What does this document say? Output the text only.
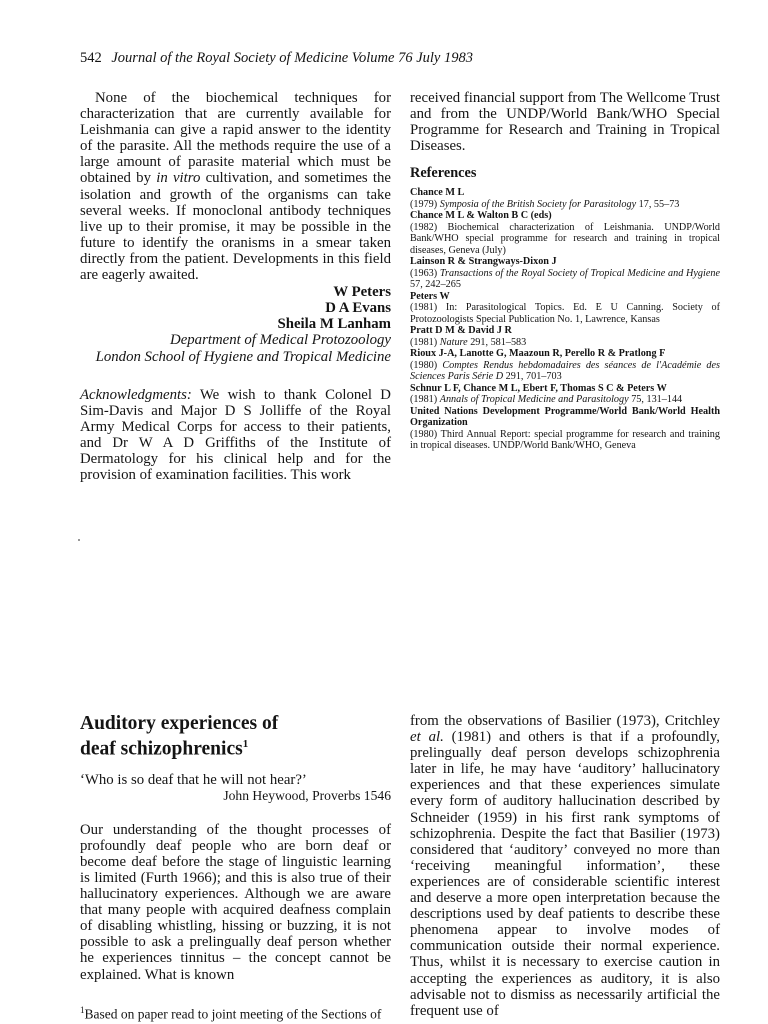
542 Journal of the Royal Society of Medicine Volume 76 July 1983

None of the biochemical techniques for characterization that are currently available for Leishmania can give a rapid answer to the identity of the parasite. All the methods require the use of a large amount of parasite material which must be obtained by in vitro cultivation, and sometimes the isolation and growth of the organisms can take several weeks. If monoclonal antibody techniques live up to their promise, it may be possible in the future to identify the oranisms in a smear taken directly from the patient. Developments in this field are eagerly awaited.

W Peters
D A Evans
Sheila M Lanham
Department of Medical Protozoology
London School of Hygiene and Tropical Medicine

Acknowledgments: We wish to thank Colonel D Sim-Davis and Major D S Jolliffe of the Royal Army Medical Corps for access to their patients, and Dr W A D Griffiths of the Institute of Dermatology for his clinical help and for the provision of examination facilities. This work

received financial support from The Wellcome Trust and from the UNDP/World Bank/WHO Special Programme for Research and Training in Tropical Diseases.

References
Chance M L
(1979) Symposia of the British Society for Parasitology 17, 55–73
Chance M L & Walton B C (eds)
(1982) Biochemical characterization of Leishmania. UNDP/World Bank/WHO special programme for research and training in tropical diseases, Geneva (July)
Lainson R & Strangways-Dixon J
(1963) Transactions of the Royal Society of Tropical Medicine and Hygiene 57, 242–265
Peters W
(1981) In: Parasitological Topics. Ed. E U Canning. Society of Protozoologists Special Publication No. 1, Lawrence, Kansas
Pratt D M & David J R
(1981) Nature 291, 581–583
Rioux J-A, Lanotte G, Maazoun R, Perello R & Pratlong F
(1980) Comptes Rendus hebdomadaires des séances de l'Académie des Sciences Paris Série D 291, 701–703
Schnur L F, Chance M L, Ebert F, Thomas S C & Peters W
(1981) Annals of Tropical Medicine and Parasitology 75, 131–144
United Nations Development Programme/World Bank/World Health Organization
(1980) Third Annual Report: special programme for research and training in tropical diseases. UNDP/World Bank/WHO, Geneva
Auditory experiences of
deaf schizophrenics$^1$
‘Who is so deaf that he will not hear?’
John Heywood, Proverbs 1546

Our understanding of the thought processes of profoundly deaf people who are born deaf or become deaf before the stage of linguistic learning is limited (Furth 1966); and this is also true of their hallucinatory experiences. Although we are aware that many people with acquired deafness complain of disabling whistling, hissing or buzzing, it is not possible to ask a prelingually deaf person whether he experiences tinnitus – the concept cannot be explained. What is known

$^1$Based on paper read to joint meeting of the Sections of

from the observations of Basilier (1973), Critchley et al. (1981) and others is that if a profoundly, prelingually deaf person develops schizophrenia later in life, he may have ‘auditory’ hallucinatory experiences and that these experiences simulate every form of auditory hallucination described by Schneider (1959) in his first rank symptoms of schizophrenia. Despite the fact that Basilier (1973) considered that ‘auditory’ conveyed no more than ‘receiving meaningful information’, these experiences are of considerable scientific interest and deserve a more open interpretation because the descriptions used by deaf patients to describe these phenomena appear to involve modes of communication outside their normal experience. Thus, whilst it is necessary to exercise caution in accepting the experiences as auditory, it is also advisable not to dismiss as necessarily artificial the frequent use of
